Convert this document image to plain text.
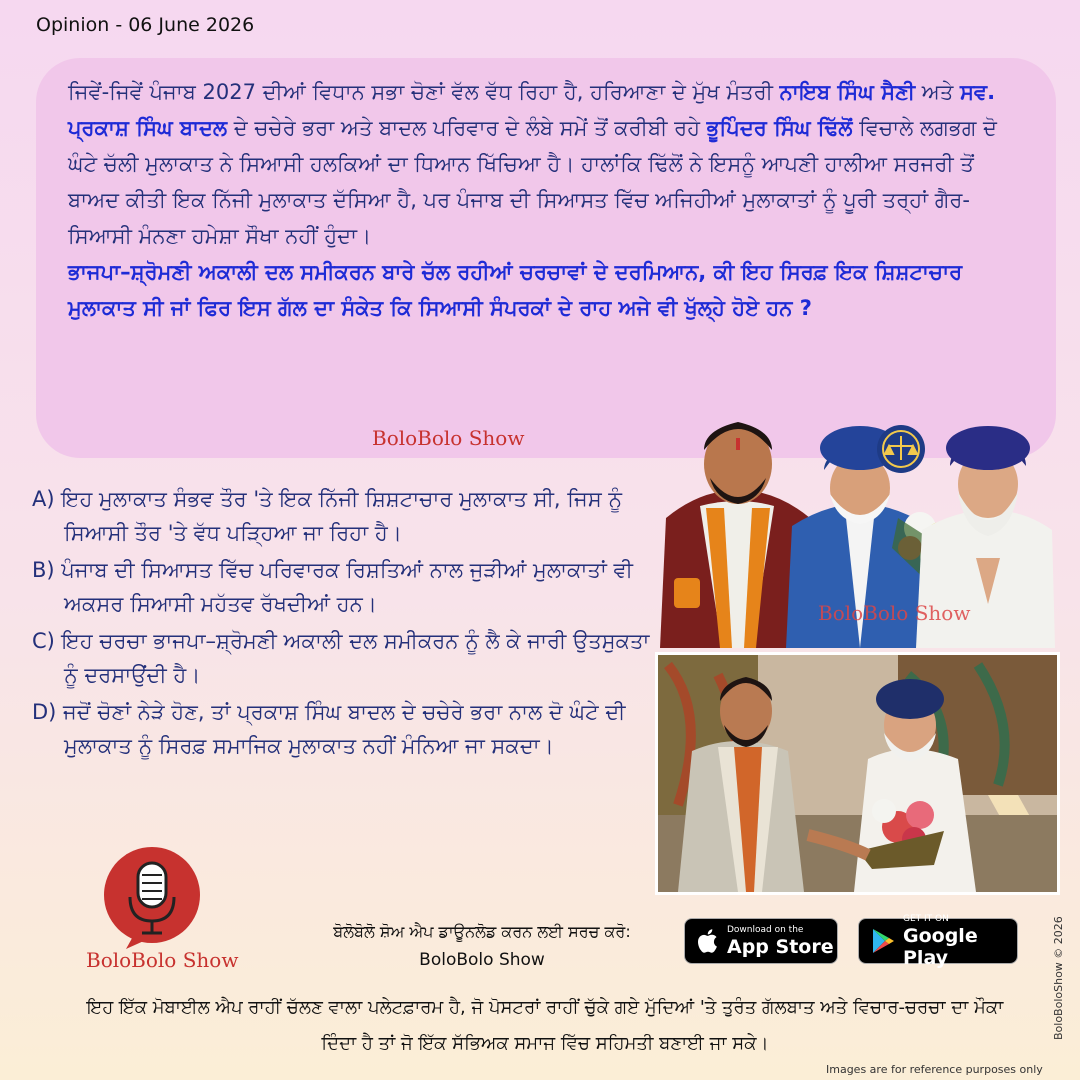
Opinion - 06 June 2026

ਜਿਵੇਂ-ਜਿਵੇਂ ਪੰਜਾਬ 2027 ਦੀਆਂ ਵਿਧਾਨ ਸਭਾ ਚੋਣਾਂ ਵੱਲ ਵੱਧ ਰਿਹਾ ਹੈ, ਹਰਿਆਣਾ ਦੇ ਮੁੱਖ ਮੰਤਰੀ ਨਾਇਬ ਸਿੰਘ ਸੈਣੀ ਅਤੇ ਸਵ. ਪ੍ਰਕਾਸ਼ ਸਿੰਘ ਬਾਦਲ ਦੇ ਚਚੇਰੇ ਭਰਾ ਅਤੇ ਬਾਦਲ ਪਰਿਵਾਰ ਦੇ ਲੰਬੇ ਸਮੇਂ ਤੋਂ ਕਰੀਬੀ ਰਹੇ ਭੂਪਿੰਦਰ ਸਿੰਘ ਢਿੱਲੋਂ ਵਿਚਾਲੇ ਲਗਭਗ ਦੋ ਘੰਟੇ ਚੱਲੀ ਮੁਲਾਕਾਤ ਨੇ ਸਿਆਸੀ ਹਲਕਿਆਂ ਦਾ ਧਿਆਨ ਖਿੱਚਿਆ ਹੈ। ਹਾਲਾਂਕਿ ਢਿੱਲੋਂ ਨੇ ਇਸਨੂੰ ਆਪਣੀ ਹਾਲੀਆ ਸਰਜਰੀ ਤੋਂ ਬਾਅਦ ਕੀਤੀ ਇਕ ਨਿੱਜੀ ਮੁਲਾਕਾਤ ਦੱਸਿਆ ਹੈ, ਪਰ ਪੰਜਾਬ ਦੀ ਸਿਆਸਤ ਵਿੱਚ ਅਜਿਹੀਆਂ ਮੁਲਾਕਾਤਾਂ ਨੂੰ ਪੂਰੀ ਤਰ੍ਹਾਂ ਗੈਰ-ਸਿਆਸੀ ਮੰਨਣਾ ਹਮੇਸ਼ਾ ਸੌਖਾ ਨਹੀਂ ਹੁੰਦਾ।

ਭਾਜਪਾ–ਸ਼੍ਰੋਮਣੀ ਅਕਾਲੀ ਦਲ ਸਮੀਕਰਨ ਬਾਰੇ ਚੱਲ ਰਹੀਆਂ ਚਰਚਾਵਾਂ ਦੇ ਦਰਮਿਆਨ, ਕੀ ਇਹ ਸਿਰਫ਼ ਇਕ ਸ਼ਿਸ਼ਟਾਚਾਰ ਮੁਲਾਕਾਤ ਸੀ ਜਾਂ ਫਿਰ ਇਸ ਗੱਲ ਦਾ ਸੰਕੇਤ ਕਿ ਸਿਆਸੀ ਸੰਪਰਕਾਂ ਦੇ ਰਾਹ ਅਜੇ ਵੀ ਖੁੱਲ੍ਹੇ ਹੋਏ ਹਨ ?

BoloBolo Show
BoloBolo Show
A) ਇਹ ਮੁਲਾਕਾਤ ਸੰਭਵ ਤੌਰ 'ਤੇ ਇਕ ਨਿੱਜੀ ਸ਼ਿਸ਼ਟਾਚਾਰ ਮੁਲਾਕਾਤ ਸੀ, ਜਿਸ ਨੂੰ ਸਿਆਸੀ ਤੌਰ 'ਤੇ ਵੱਧ ਪੜ੍ਹਿਆ ਜਾ ਰਿਹਾ ਹੈ।
B) ਪੰਜਾਬ ਦੀ ਸਿਆਸਤ ਵਿੱਚ ਪਰਿਵਾਰਕ ਰਿਸ਼ਤਿਆਂ ਨਾਲ ਜੁੜੀਆਂ ਮੁਲਾਕਾਤਾਂ ਵੀ ਅਕਸਰ ਸਿਆਸੀ ਮਹੱਤਵ ਰੱਖਦੀਆਂ ਹਨ।
C) ਇਹ ਚਰਚਾ ਭਾਜਪਾ–ਸ਼੍ਰੋਮਣੀ ਅਕਾਲੀ ਦਲ ਸਮੀਕਰਨ ਨੂੰ ਲੈ ਕੇ ਜਾਰੀ ਉਤਸੁਕਤਾ ਨੂੰ ਦਰਸਾਉਂਦੀ ਹੈ।
D) ਜਦੋਂ ਚੋਣਾਂ ਨੇੜੇ ਹੋਣ, ਤਾਂ ਪ੍ਰਕਾਸ਼ ਸਿੰਘ ਬਾਦਲ ਦੇ ਚਚੇਰੇ ਭਰਾ ਨਾਲ ਦੋ ਘੰਟੇ ਦੀ ਮੁਲਾਕਾਤ ਨੂੰ ਸਿਰਫ਼ ਸਮਾਜਿਕ ਮੁਲਾਕਾਤ ਨਹੀਂ ਮੰਨਿਆ ਜਾ ਸਕਦਾ।
BoloBolo Show
ਬੋਲੋਬੋਲੋ ਸ਼ੋਅ ਐਪ ਡਾਊਨਲੋਡ ਕਰਨ ਲਈ ਸਰਚ ਕਰੋ:
BoloBolo Show
Download on the
App Store
GET IT ON
Google Play
ਇਹ ਇੱਕ ਮੋਬਾਈਲ ਐਪ ਰਾਹੀਂ ਚੱਲਣ ਵਾਲਾ ਪਲੇਟਫ਼ਾਰਮ ਹੈ, ਜੋ ਪੋਸਟਰਾਂ ਰਾਹੀਂ ਚੁੱਕੇ ਗਏ ਮੁੱਦਿਆਂ 'ਤੇ ਤੁਰੰਤ ਗੱਲਬਾਤ ਅਤੇ ਵਿਚਾਰ-ਚਰਚਾ ਦਾ ਮੌਕਾ ਦਿੰਦਾ ਹੈ ਤਾਂ ਜੋ ਇੱਕ ਸੱਭਿਅਕ ਸਮਾਜ ਵਿੱਚ ਸਹਿਮਤੀ ਬਣਾਈ ਜਾ ਸਕੇ।
BoloBoloShow © 2026
Images are for reference purposes only
